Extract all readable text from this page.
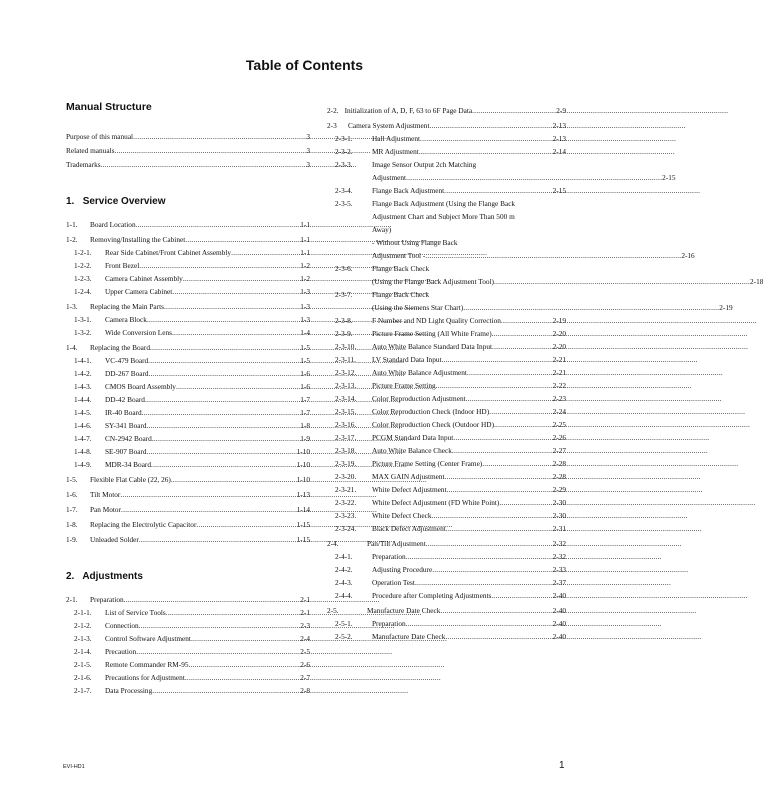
Table of Contents
Manual Structure
Purpose of this manual . . .	3
Related manuals . . .	3
Trademarks . . .	3
1. Service Overview
1-1.	Board Location . . .	1-1
1-2.	Removing/Installing the Cabinet . . .	1-1
1-2-1.	Rear Side Cabinet/Front Cabinet Assembly . . .	1-1
1-2-2.	Front Bezel . . .	1-2
1-2-3.	Camera Cabinet Assembly . . .	1-2
1-2-4.	Upper Camera Cabinet . . .	1-3
1-3.	Replacing the Main Parts . . .	1-3
1-3-1.	Camera Block . . .	1-3
1-3-2.	Wide Conversion Lens . . .	1-4
1-4.	Replacing the Board . . .	1-5
1-4-1.	VC-479 Board . . .	1-5
1-4-2.	DD-267 Board . . .	1-6
1-4-3.	CMOS Board Assembly . . .	1-6
1-4-4.	DD-42 Board . . .	1-7
1-4-5.	IR-40 Board . . .	1-7
1-4-6.	SY-341 Board . . .	1-8
1-4-7.	CN-2942 Board . . .	1-9
1-4-8.	SE-907 Board . . .	1-10
1-4-9.	MDR-34 Board . . .	1-10
1-5.	Flexible Flat Cable (22, 26) . . .	1-10
1-6.	Tilt Motor . . .	1-13
1-7.	Pan Motor . . .	1-14
1-8.	Replacing the Electrolytic Capacitor . . .	1-15
1-9.	Unleaded Solder . . .	1-15
2. Adjustments
2-1.	Preparation . . .	2-1
2-1-1.	List of Service Tools . . .	2-1
2-1-2.	Connection . . .	2-3
2-1-3.	Control Software Adjustment . . .	2-4
2-1-4.	Precaution . . .	2-5
2-1-5.	Remote Commander RM-95 . . .	2-6
2-1-6.	Precautions for Adjustment . . .	2-7
2-1-7.	Data Processing . . .	2-8
2-2. Initialization of A, D, F, 63 to 6F Page Data . . .	2-9
2-3	Camera System Adjustment . . .	2-13
2-3-1.	Hall Adjustment . . .	2-13
2-3-2.	MR Adjustment . . .	2-14
2-3-3.	Image Sensor Output 2ch Matching
Adjustment . . .	2-15
2-3-4.	Flange Back Adjustment . . .	2-15
2-3-5.	Flange Back Adjustment (Using the Flange Back
Adjustment Chart and Subject More Than 500 m
Away)
- Without Using Flange Back
Adjustment Tool - . . .	2-16
2-3-6.	Flange Back Check
(Using the Flange Back Adjustment Tool) . . .	2-18
2-3-7.	Flange Back Check
(Using the Siemens Star Chart) . . .	2-19
2-3-8.	F Number and ND Light Quality Correction . . .	2-19
2-3-9.	Picture Frame Setting (All White Frame) . . .	2-20
2-3-10.	Auto White Balance Standard Data Input . . .	2-20
2-3-11.	LV Standard Data Input . . .	2-21
2-3-12.	Auto White Balance Adjustment . . .	2-21
2-3-13.	Picture Frame Setting . . .	2-22
2-3-14.	Color Reproduction Adjustment . . .	2-23
2-3-15.	Color Reproduction Check (Indoor HD) . . .	2-24
2-3-16.	Color Reproduction Check (Outdoor HD) . . .	2-25
2-3-17.	PCGM Standard Data Input . . .	2-26
2-3-18.	Auto White Balance Check . . .	2-27
2-3-19.	Picture Frame Setting (Center Frame) . . .	2-28
2-3-20.	MAX GAIN Adjustment . . .	2-28
2-3-21.	White Defect Adjustment . . .	2-29
2-3-22.	White Defect Adjustment (FD White Point) . . .	2-30
2-3-23.	White Defect Check . . .	2-30
2-3-24.	Black Defect Adjustment . . .	2-31
2-4.	Pan/Tilt Adjustment . . .	2-32
2-4-1.	Preparation . . .	2-32
2-4-2.	Adjusting Procedure . . .	2-33
2-4-3.	Operation Test . . .	2-37
2-4-4.	Procedure after Completing Adjustments . . .	2-40
2-5.	Manufacture Date Check . . .	2-40
2-5-1.	Preparation . . .	2-40
2-5-2.	Manufacture Date Check . . .	2-40
EVI-HD1	1
